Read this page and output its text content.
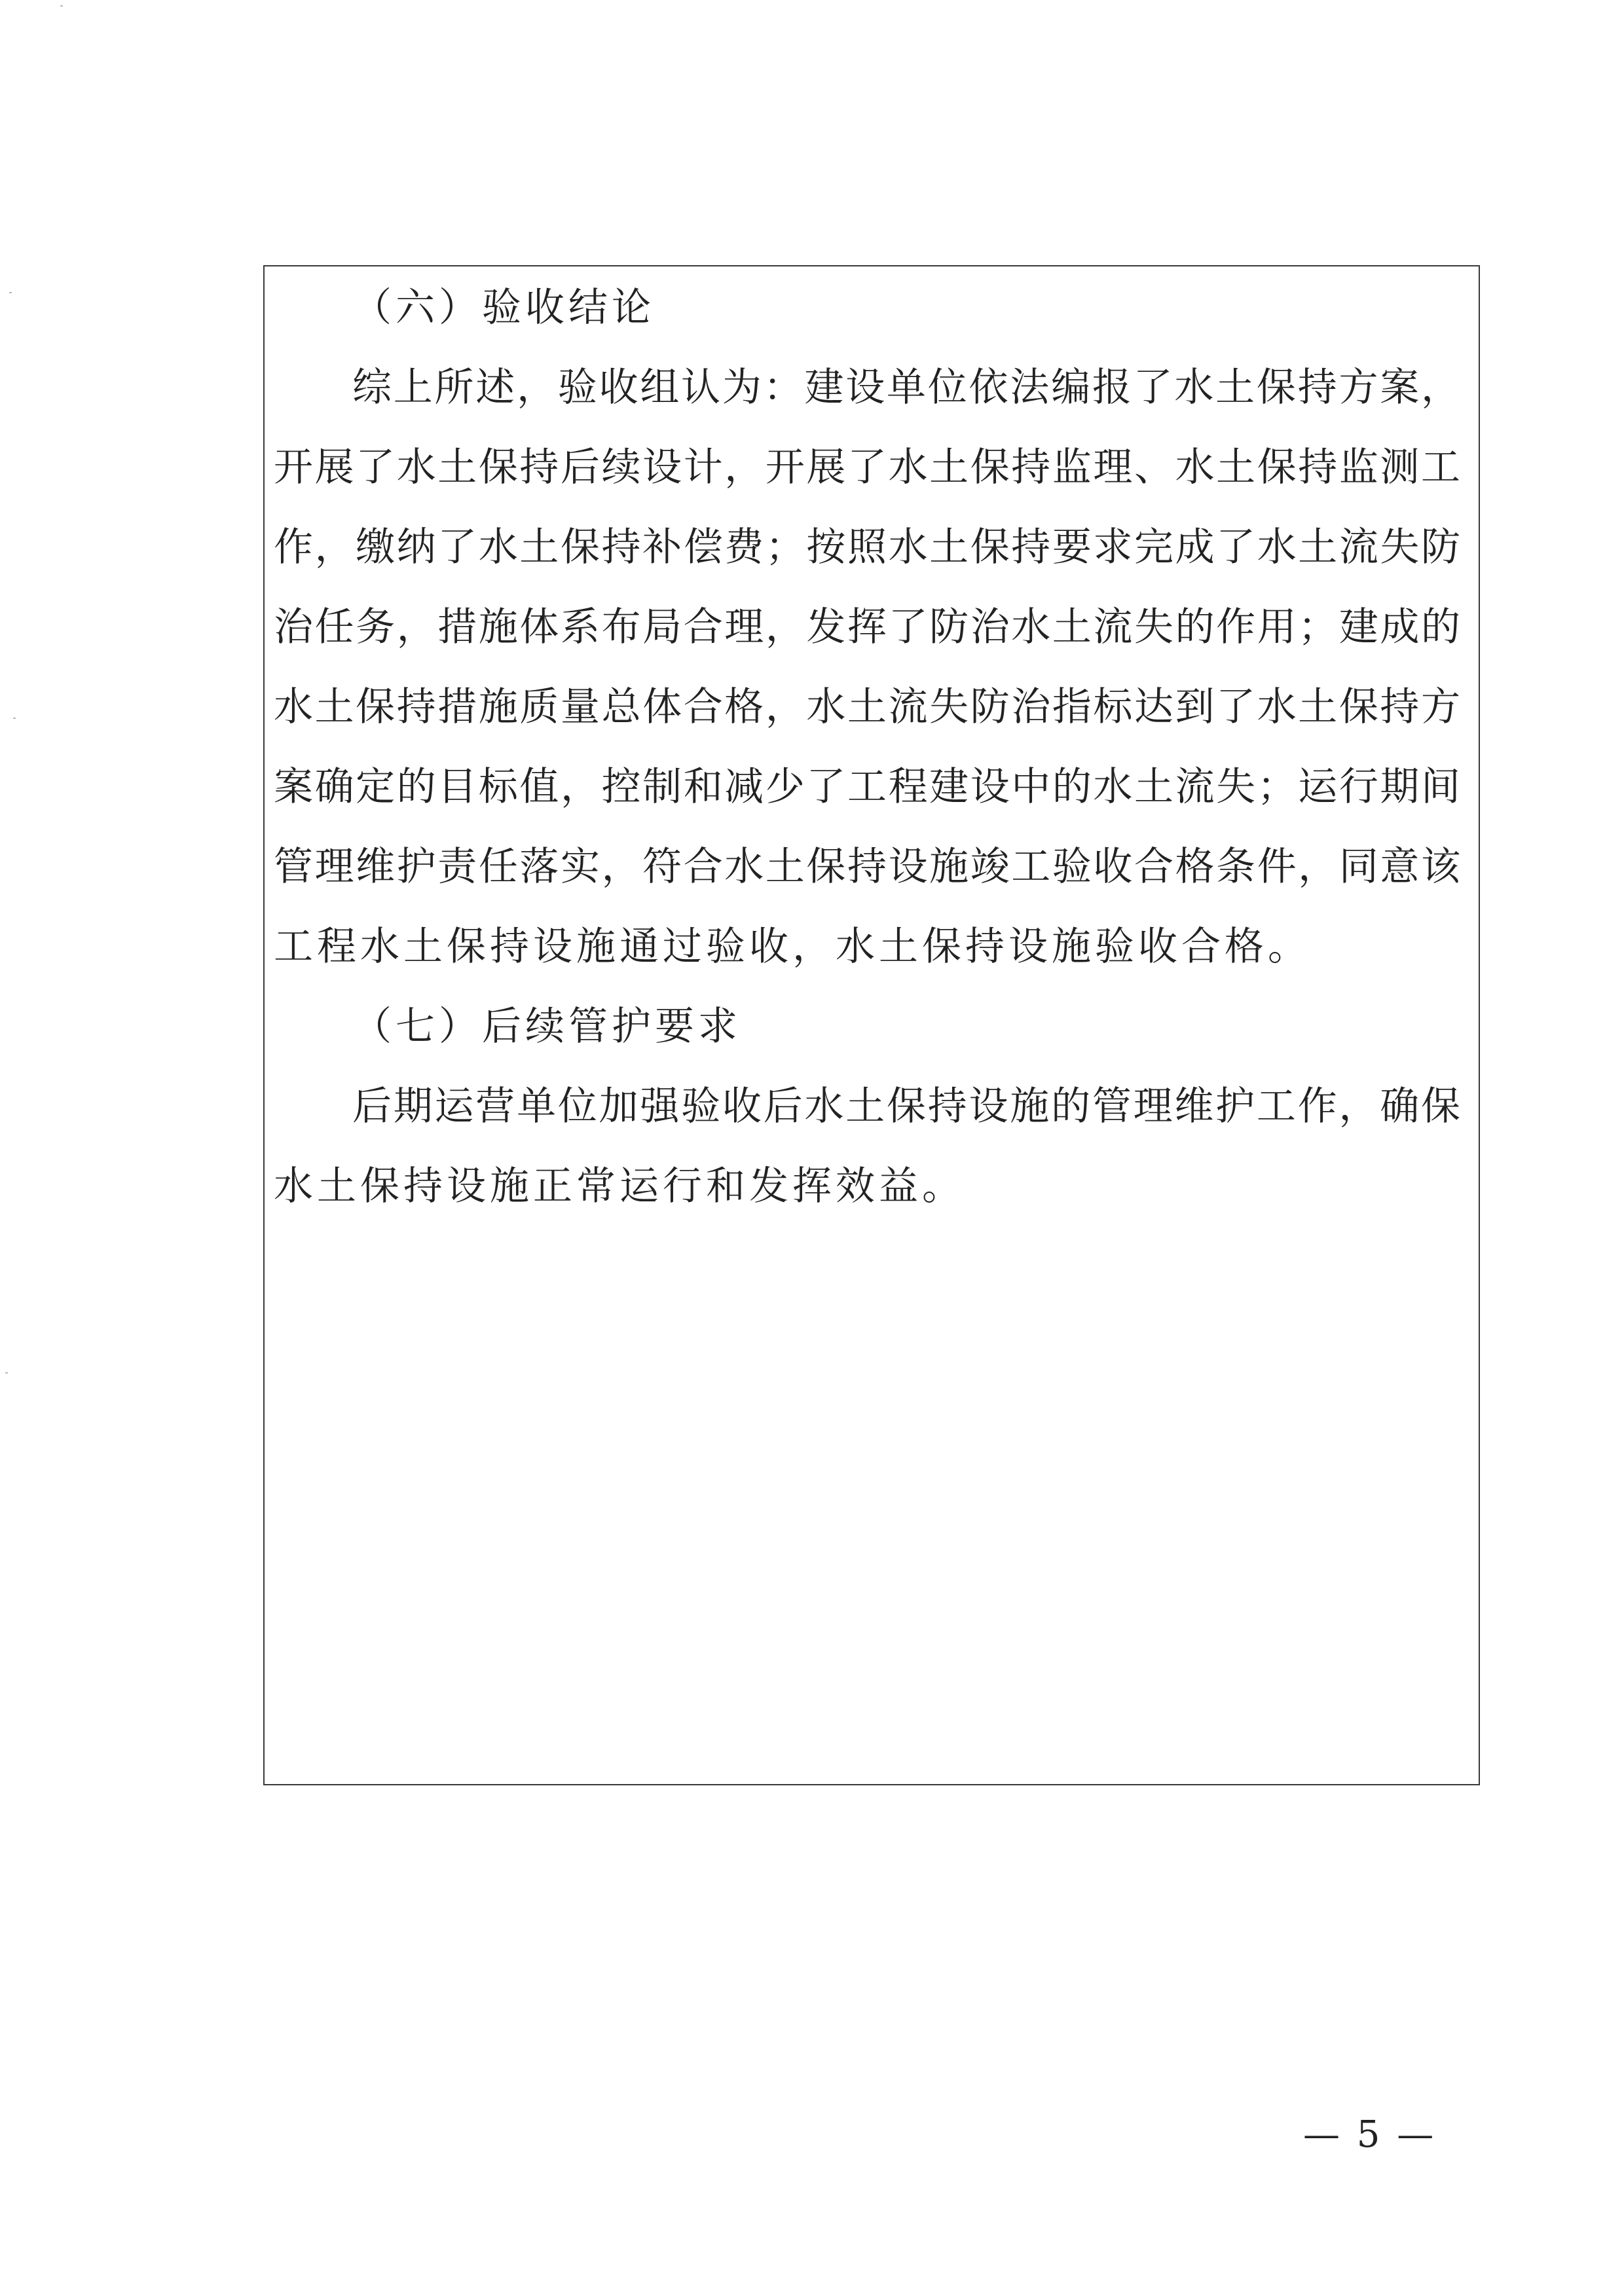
（六）验收结论
综上所述，验收组认为：建设单位依法编报了水土保持方案，
开展了水土保持后续设计，开展了水土保持监理、水土保持监测工
作，缴纳了水土保持补偿费；按照水土保持要求完成了水土流失防
治任务，措施体系布局合理，发挥了防治水土流失的作用；建成的
水土保持措施质量总体合格，水土流失防治指标达到了水土保持方
案确定的目标值，控制和减少了工程建设中的水土流失；运行期间
管理维护责任落实，符合水土保持设施竣工验收合格条件，同意该
工程水土保持设施通过验收，水土保持设施验收合格。
（七）后续管护要求
后期运营单位加强验收后水土保持设施的管理维护工作，确保
水土保持设施正常运行和发挥效益。
— 5 —
